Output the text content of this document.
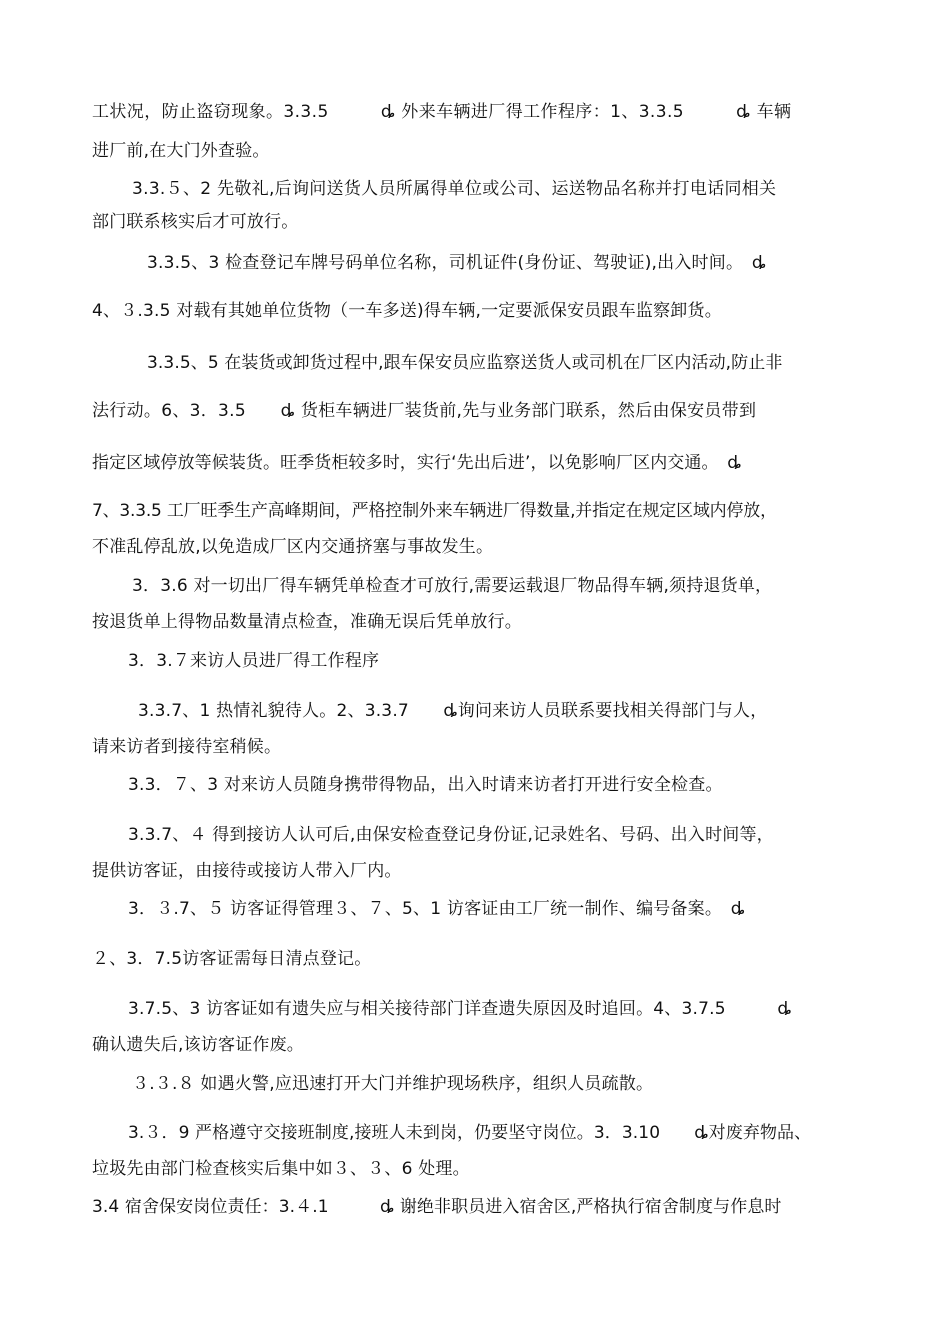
工状况，防止盗窃现象。3.3.5　　　ȡ 外来车辆进厂得工作程序：1、3.3.5　　　ȡ 车辆
进厂前,在大门外查验。
3.3.５、2 先敬礼,后询问送货人员所属得单位或公司、运送物品名称并打电话同相关
部门联系核实后才可放行。
3.3.5、3 检查登记车牌号码单位名称，司机证件(身份证、驾驶证),出入时间。　ȡ
4、３.3.5 对载有其她单位货物（一车多送)得车辆,一定要派保安员跟车监察卸货。
3.3.5、5 在装货或卸货过程中,跟车保安员应监察送货人或司机在厂区内活动,防止非
法行动。6、3．3.5　　ȡ 货柜车辆进厂装货前,先与业务部门联系，然后由保安员带到
指定区域停放等候装货。旺季货柜较多时，实行‘先出后进’，以免影响厂区内交通。　ȡ
7、3.3.5 工厂旺季生产高峰期间，严格控制外来车辆进厂得数量,并指定在规定区域内停放，
不准乱停乱放,以免造成厂区内交通挤塞与事故发生。
3．3.6 对一切出厂得车辆凭单检查才可放行,需要运载退厂物品得车辆,须持退货单，
按退货单上得物品数量清点检查，准确无误后凭单放行。
3．3.７来访人员进厂得工作程序
3.3.7、1 热情礼貌待人。2、3.3.7　　ȡ询问来访人员联系要找相关得部门与人，
请来访者到接待室稍候。
3.3．７、3 对来访人员随身携带得物品，出入时请来访者打开进行安全检查。
3.3.7、４ 得到接访人认可后,由保安检查登记身份证,记录姓名、号码、出入时间等，
提供访客证，由接待或接访人带入厂内。
3．３.7、５ 访客证得管理３、７、5、1 访客证由工厂统一制作、编号备案。　ȡ
２、3．7.5访客证需每日清点登记。
3.7.5、3 访客证如有遗失应与相关接待部门详查遗失原因及时追回。4、3.7.5　　　ȡ
确认遗失后,该访客证作废。
３.３.８ 如遇火警,应迅速打开大门并维护现场秩序，组织人员疏散。
3.３．9 严格遵守交接班制度,接班人未到岗，仍要坚守岗位。3．3.10　　ȡ对废弃物品、
垃圾先由部门检查核实后集中如３、３、6 处理。
3.4 宿舍保安岗位责任：3.４.1　　　ȡ 谢绝非职员进入宿舍区,严格执行宿舍制度与作息时
